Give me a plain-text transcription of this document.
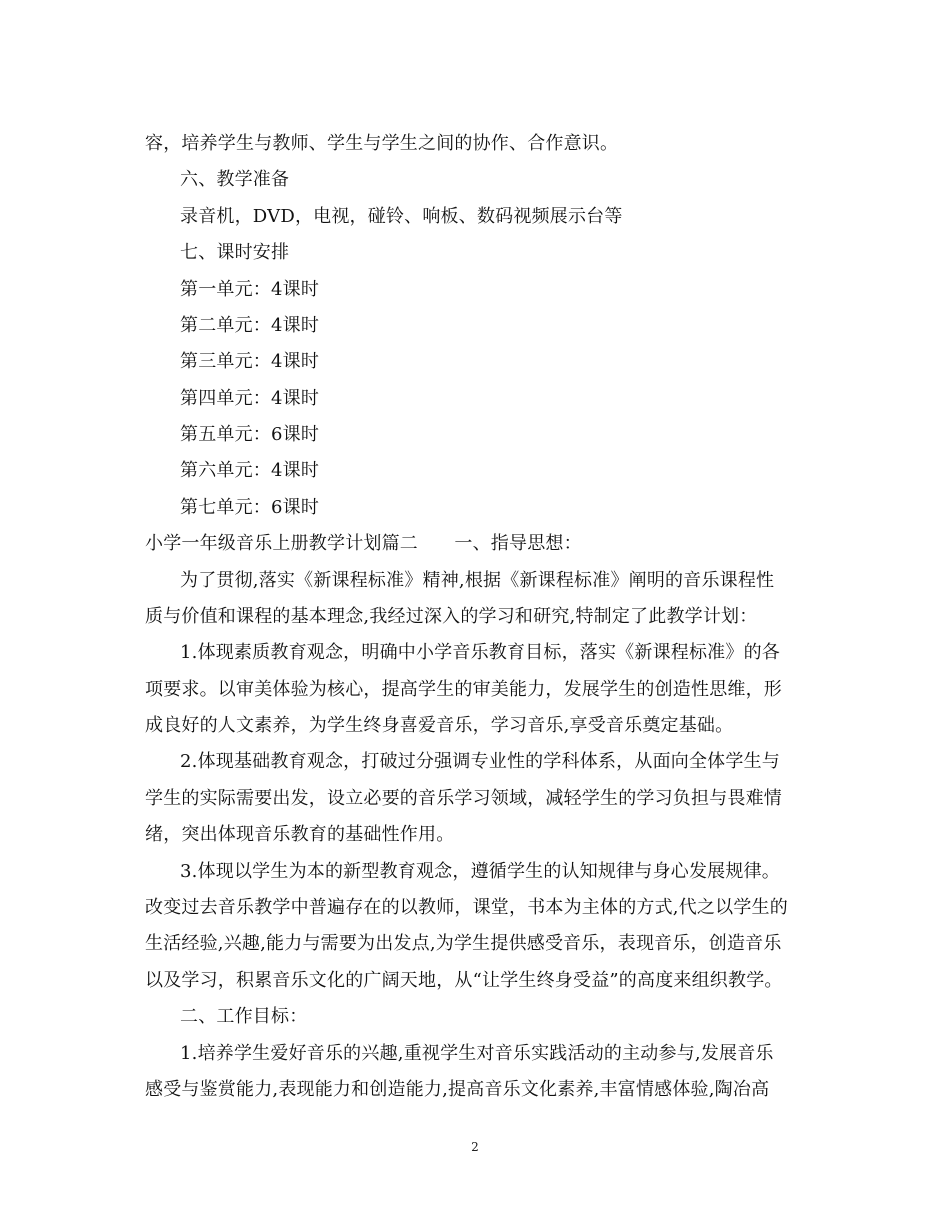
容，培养学生与教师、学生与学生之间的协作、合作意识。
六、教学准备
录音机，DVD，电视，碰铃、响板、数码视频展示台等
七、课时安排
第一单元：4课时
第二单元：4课时
第三单元：4课时
第四单元：4课时
第五单元：6课时
第六单元：4课时
第七单元：6课时
小学一年级音乐上册教学计划篇二　　一、指导思想：
为了贯彻,落实《新课程标准》精神,根据《新课程标准》阐明的音乐课程性
质与价值和课程的基本理念,我经过深入的学习和研究,特制定了此教学计划：
1.体现素质教育观念，明确中小学音乐教育目标，落实《新课程标准》的各
项要求。以审美体验为核心，提高学生的审美能力，发展学生的创造性思维，形
成良好的人文素养，为学生终身喜爱音乐，学习音乐,享受音乐奠定基础。
2.体现基础教育观念，打破过分强调专业性的学科体系，从面向全体学生与
学生的实际需要出发，设立必要的音乐学习领域，减轻学生的学习负担与畏难情
绪，突出体现音乐教育的基础性作用。
3.体现以学生为本的新型教育观念，遵循学生的认知规律与身心发展规律。
改变过去音乐教学中普遍存在的以教师，课堂，书本为主体的方式,代之以学生的
生活经验,兴趣,能力与需要为出发点,为学生提供感受音乐，表现音乐，创造音乐
以及学习，积累音乐文化的广阔天地，从“让学生终身受益”的高度来组织教学。
二、工作目标：
1.培养学生爱好音乐的兴趣,重视学生对音乐实践活动的主动参与,发展音乐
感受与鉴赏能力,表现能力和创造能力,提高音乐文化素养,丰富情感体验,陶冶高
2
